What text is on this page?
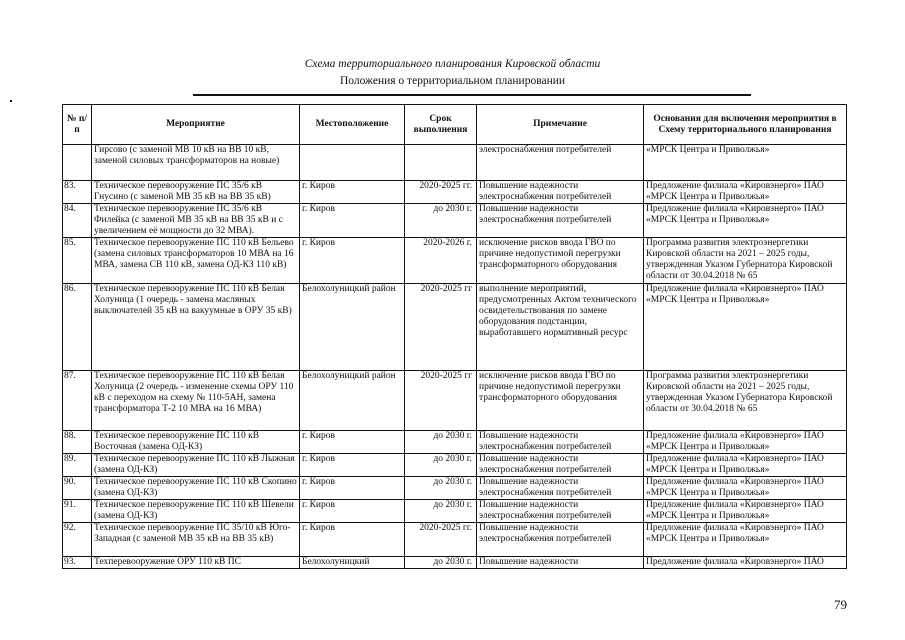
Схема территориального планирования Кировской области
Положения о территориальном планировании
№ п/п	Мероприятие	Местоположение	Срок выполнения	Примечание	Основания для включения мероприятия в Схему территориального планирования
	Гирсово (с заменой МВ 10 кВ на ВВ 10 кВ, заменой силовых трансформаторов на новые)			электроснабжения потребителей	«МРСК Центра и Приволжья»
83.	Техническое перевооружение ПС 35/6 кВ Гнусино (с заменой МВ 35 кВ на ВВ 35 кВ)	г. Киров	2020-2025 гг.	Повышение надежности электроснабжения потребителей	Предложение филиала «Кировэнерго» ПАО «МРСК Центра и Приволжья»
84.	Техническое перевооружение ПС 35/6 кВ Филейка (с заменой МВ 35 кВ на ВВ 35 кВ и с увеличением её мощности до 32 МВА).	г. Киров	до 2030 г.	Повышение надежности электроснабжения потребителей	Предложение филиала «Кировэнерго» ПАО «МРСК Центра и Приволжья»
85.	Техническое перевооружение ПС 110 кВ Бельево (замена силовых трансформаторов 10 МВА на 16 МВА, замена СВ 110 кВ, замена ОД-КЗ 110 кВ)	г. Киров	2020-2026 г.	исключение рисков ввода ГВО по причине недопустимой перегрузки трансформаторного оборудования	Программа развития электроэнергетики Кировской области на 2021 – 2025 годы, утвержденная Указом Губернатора Кировской области от 30.04.2018 № 65
86.	Техническое перевооружение ПС 110 кВ Белая Холуница (1 очередь - замена масляных выключателей 35 кВ на вакуумные в ОРУ 35 кВ)	Белохолуницкий район	2020-2025 гг	выполнение мероприятий, предусмотренных Актом технического освидетельствования по замене оборудования подстанции, выработавшего нормативный ресурс	Предложение филиала «Кировэнерго» ПАО «МРСК Центра и Приволжья»
87.	Техническое перевооружение ПС 110 кВ Белая Холуница (2 очередь - изменение схемы ОРУ 110 кВ с переходом на схему № 110-5АН, замена трансформатора Т-2 10 МВА на 16 МВА)	Белохолуницкий район	2020-2025 гг	исключение рисков ввода ГВО по причине недопустимой перегрузки трансформаторного оборудования	Программа развития электроэнергетики Кировской области на 2021 – 2025 годы, утвержденная Указом Губернатора Кировской области от 30.04.2018 № 65
88.	Техническое перевооружение ПС 110 кВ Восточная (замена ОД-КЗ)	г. Киров	до 2030 г.	Повышение надежности электроснабжения потребителей	Предложение филиала «Кировэнерго» ПАО «МРСК Центра и Приволжья»
89.	Техническое перевооружение ПС 110 кВ Лыжная (замена ОД-КЗ)	г. Киров	до 2030 г.	Повышение надежности электроснабжения потребителей	Предложение филиала «Кировэнерго» ПАО «МРСК Центра и Приволжья»
90.	Техническое перевооружение ПС 110 кВ Скопино (замена ОД-КЗ)	г. Киров	до 2030 г.	Повышение надежности электроснабжения потребителей	Предложение филиала «Кировэнерго» ПАО «МРСК Центра и Приволжья»
91.	Техническое перевооружение ПС 110 кВ Шевели (замена ОД-КЗ)	г. Киров	до 2030 г.	Повышение надежности электроснабжения потребителей	Предложение филиала «Кировэнерго» ПАО «МРСК Центра и Приволжья»
92.	Техническое перевооружение ПС 35/10 кВ Юго-Западная (с заменой МВ 35 кВ на ВВ 35 кВ)	г. Киров	2020-2025 гг.	Повышение надежности электроснабжения потребителей	Предложение филиала «Кировэнерго» ПАО «МРСК Центра и Приволжья»
93.	Техперевооружение ОРУ 110 кВ ПС	Белохолуницкий	до 2030 г.	Повышение надежности	Предложение филиала «Кировэнерго» ПАО
79
